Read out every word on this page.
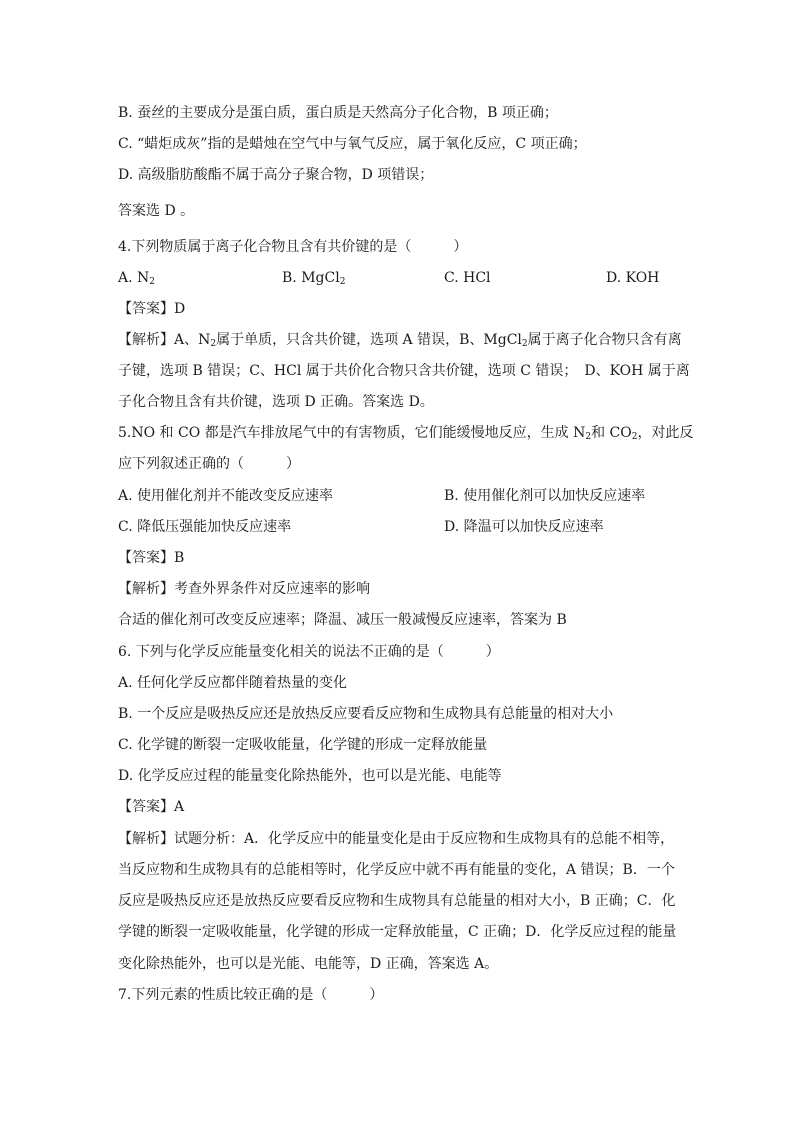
B. 蚕丝的主要成分是蛋白质，蛋白质是天然高分子化合物，B 项正确；
C. “蜡炬成灰”指的是蜡烛在空气中与氧气反应，属于氧化反应，C 项正确；
D. 高级脂肪酸酯不属于高分子聚合物，D 项错误；
答案选 D 。
4.下列物质属于离子化合物且含有共价键的是（　　　）
A. $N_2$	B. MgCl$_2$	C. HCl	D. KOH
【答案】D
【解析】A、$N_2$属于单质，只含共价键，选项 A 错误，B、MgCl$_2$属于离子化合物只含有离
子键，选项 B 错误；C、HCl 属于共价化合物只含共价键，选项 C 错误；　D、KOH 属于离
子化合物且含有共价键，选项 D 正确。答案选 D。
5.NO 和 CO 都是汽车排放尾气中的有害物质，它们能缓慢地反应，生成 $N_2$和 $CO_2$，对此反
应下列叙述正确的（　　　）
A. 使用催化剂并不能改变反应速率	B. 使用催化剂可以加快反应速率
C. 降低压强能加快反应速率	D. 降温可以加快反应速率
【答案】B
【解析】考查外界条件对反应速率的影响
合适的催化剂可改变反应速率；降温、减压一般减慢反应速率，答案为 B
6. 下列与化学反应能量变化相关的说法不正确的是（　　　）
A. 任何化学反应都伴随着热量的变化
B. 一个反应是吸热反应还是放热反应要看反应物和生成物具有总能量的相对大小
C. 化学键的断裂一定吸收能量，化学键的形成一定释放能量
D. 化学反应过程的能量变化除热能外，也可以是光能、电能等
【答案】A
【解析】试题分析：A．化学反应中的能量变化是由于反应物和生成物具有的总能不相等，
当反应物和生成物具有的总能相等时，化学反应中就不再有能量的变化，A 错误；B．一个
反应是吸热反应还是放热反应要看反应物和生成物具有总能量的相对大小，B 正确；C．化
学键的断裂一定吸收能量，化学键的形成一定释放能量，C 正确；D．化学反应过程的能量
变化除热能外，也可以是光能、电能等，D 正确，答案选 A。
7.下列元素的性质比较正确的是（　　　）
